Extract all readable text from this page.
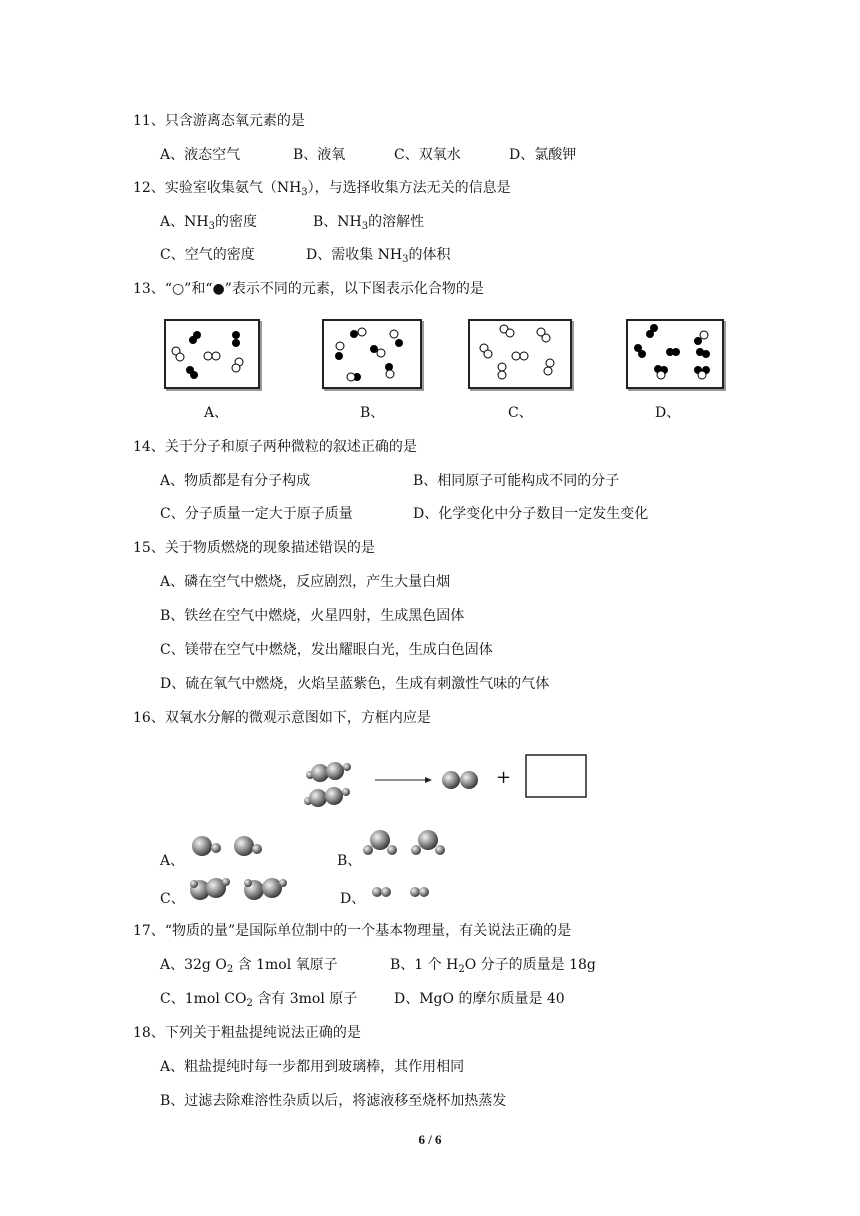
11、只含游离态氧元素的是
A、液态空气	B、液氧	C、双氧水	D、氯酸钾
12、实验室收集氨气$(NH_3)$，与选择收集方法无关的信息是
A、$NH_3$的密度	B、$NH_3$的溶解性
C、空气的密度	D、需收集 $NH_3$的体积
13、“○”和“●”表示不同的元素，以下图表示化合物的是
A、	B、	C、	D、
14、关于分子和原子两种微粒的叙述正确的是
A、物质都是有分子构成	B、相同原子可能构成不同的分子
C、分子质量一定大于原子质量	D、化学变化中分子数目一定发生变化
15、关于物质燃烧的现象描述错误的是
A、磷在空气中燃烧，反应剧烈，产生大量白烟
B、铁丝在空气中燃烧，火星四射，生成黑色固体
C、镁带在空气中燃烧，发出耀眼白光，生成白色固体
D、硫在氧气中燃烧，火焰呈蓝紫色，生成有刺激性气味的气体
16、双氧水分解的微观示意图如下，方框内应是
+
A、	B、
C、	D、
17、“物质的量”是国际单位制中的一个基本物理量，有关说法正确的是
A、32g $O_2$ 含 1mol 氧原子	B、1 个 $H_2O$ 分子的质量是 18g
C、1mol $CO_2$ 含有 3mol 原子	D、MgO 的摩尔质量是 40
18、下列关于粗盐提纯说法正确的是
A、粗盐提纯时每一步都用到玻璃棒，其作用相同
B、过滤去除难溶性杂质以后，将滤液移至烧杯加热蒸发
6 / 6
